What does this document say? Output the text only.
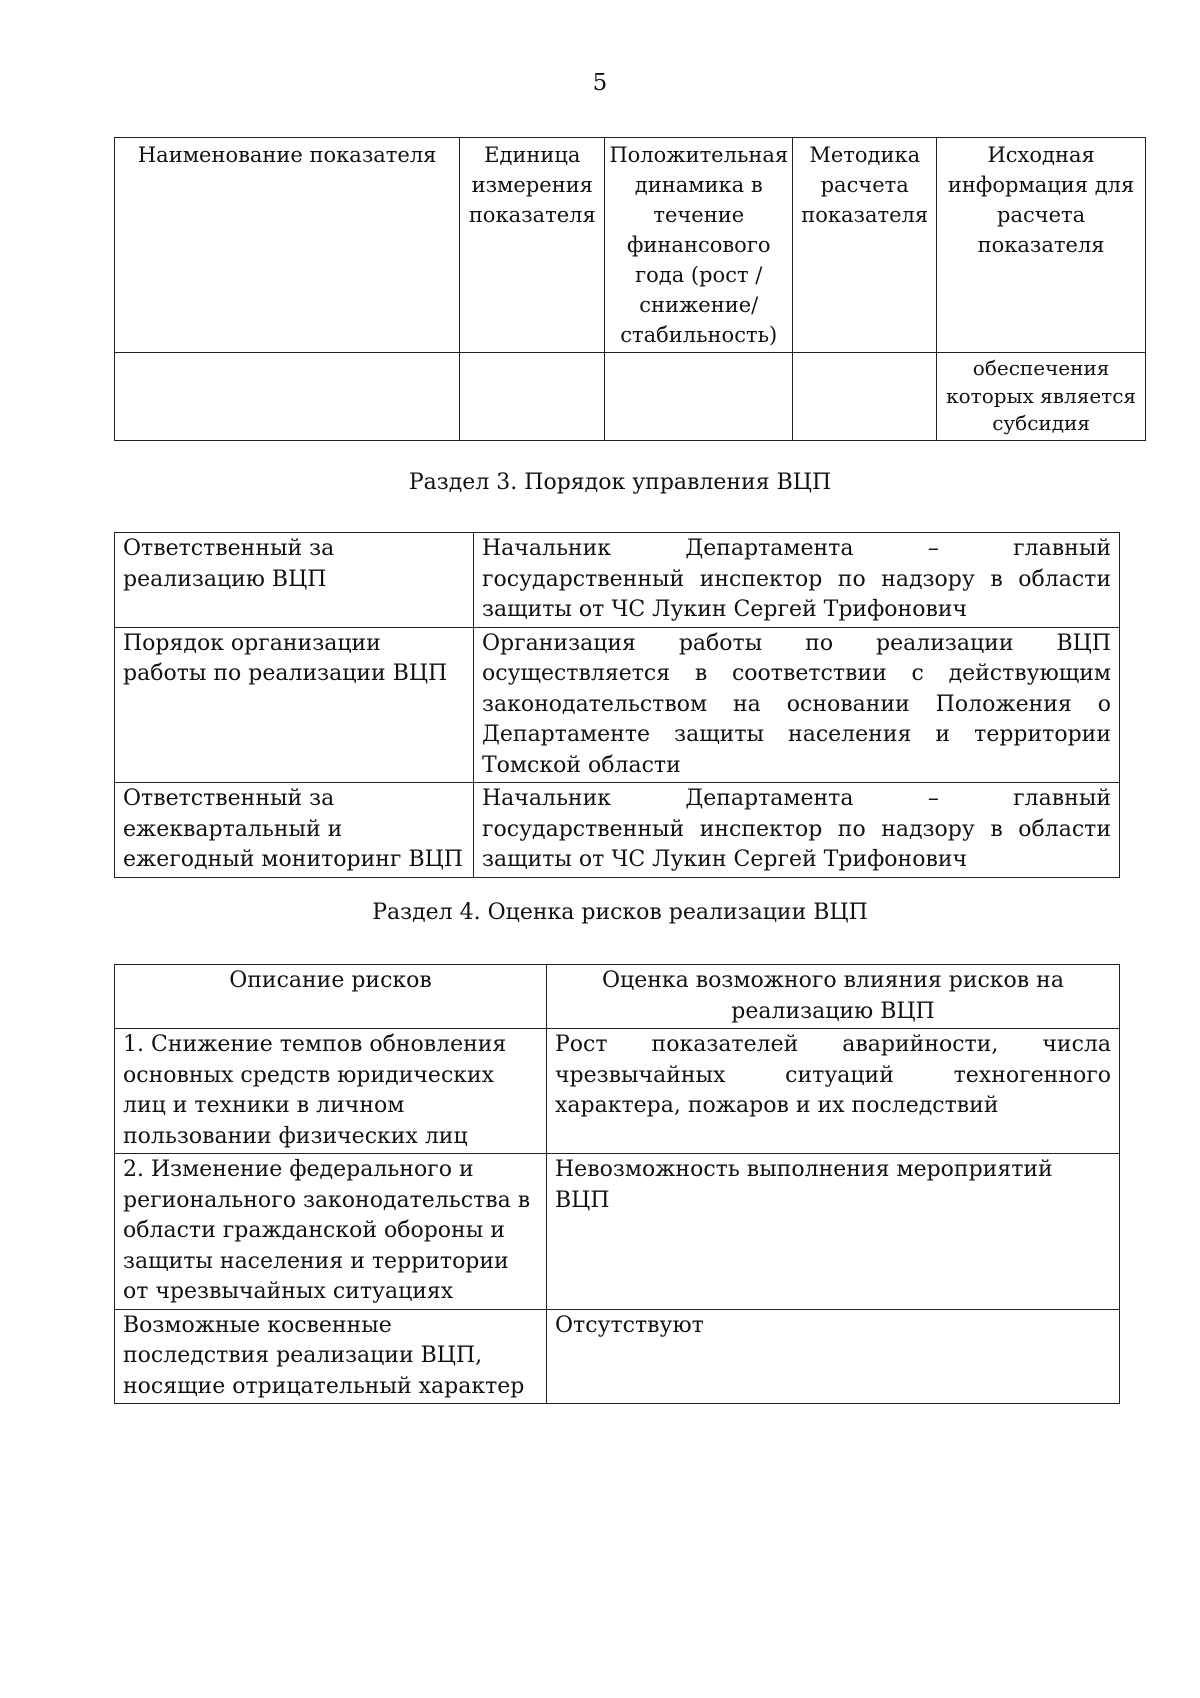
5
Наименование показателя	Единица измерения показателя	Положительная динамика в течение финансового года (рост / снижение/ стабильность)	Методика расчета показателя	Исходная информация для расчета показателя
				обеспечения которых является субсидия
Раздел 3. Порядок управления ВЦП
Ответственный за реализацию ВЦП	Начальник Департамента – главный государственный инспектор по надзору в области защиты от ЧС Лукин Сергей Трифонович
Порядок организации работы по реализации ВЦП	Организация работы по реализации ВЦП осуществляется в соответствии с действующим законодательством на основании Положения о Департаменте защиты населения и территории Томской области
Ответственный за ежеквартальный и ежегодный мониторинг ВЦП	Начальник Департамента – главный государственный инспектор по надзору в области защиты от ЧС Лукин Сергей Трифонович
Раздел 4. Оценка рисков реализации ВЦП
Описание рисков	Оценка возможного влияния рисков на реализацию ВЦП
1. Снижение темпов обновления основных средств юридических лиц и техники в личном пользовании физических лиц	Рост показателей аварийности, числа чрезвычайных ситуаций техногенного характера, пожаров и их последствий
2. Изменение федерального и регионального законодательства в области гражданской обороны и защиты населения и территории от чрезвычайных ситуациях	Невозможность выполнения мероприятий ВЦП
Возможные косвенные последствия реализации ВЦП, носящие отрицательный характер	Отсутствуют
